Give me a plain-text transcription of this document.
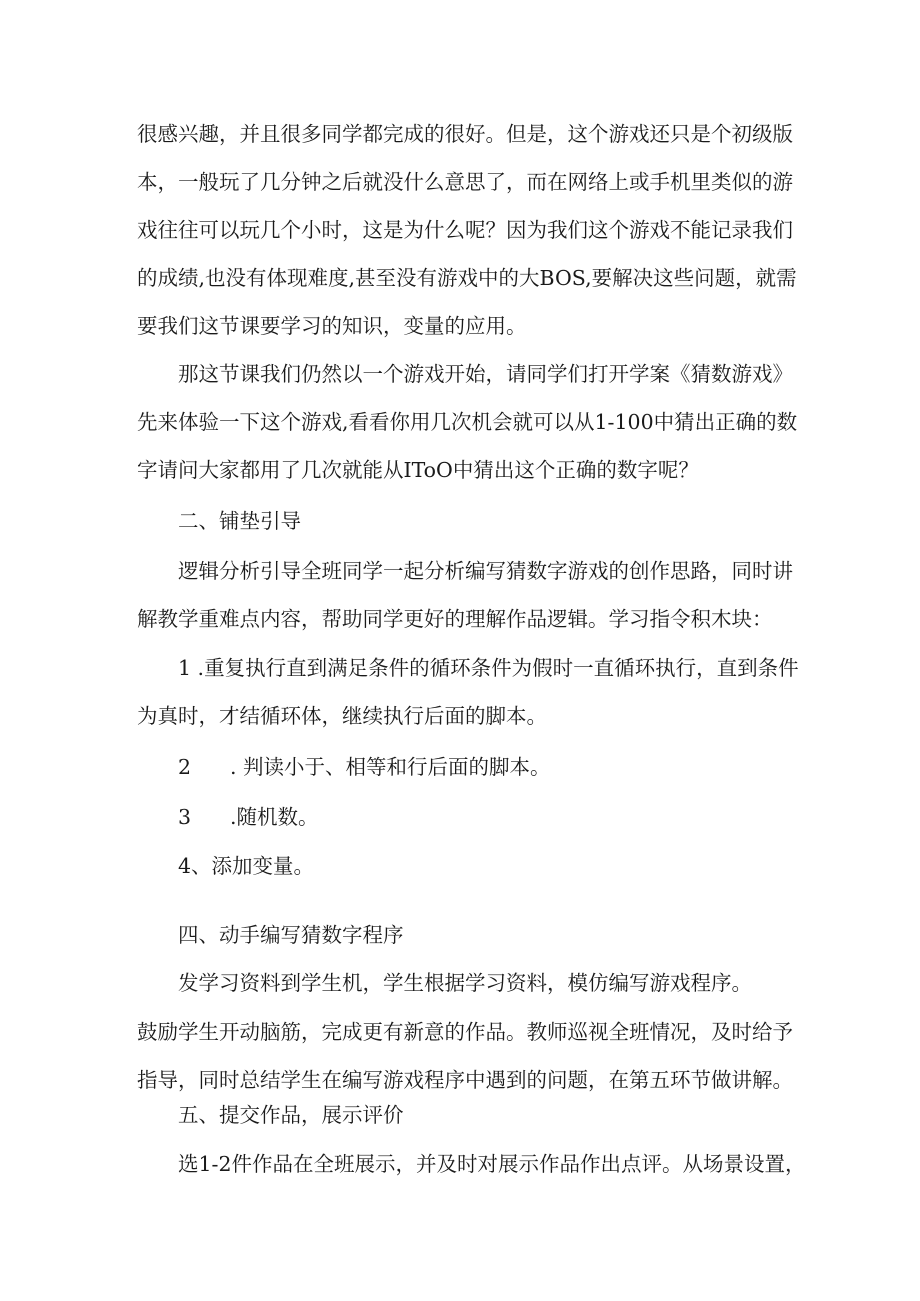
很感兴趣，并且很多同学都完成的很好。但是，这个游戏还只是个初级版

本，一般玩了几分钟之后就没什么意思了，而在网络上或手机里类似的游

戏往往可以玩几个小时，这是为什么呢？因为我们这个游戏不能记录我们

的成绩,也没有体现难度,甚至没有游戏中的大BOS,要解决这些问题，就需

要我们这节课要学习的知识，变量的应用。

那这节课我们仍然以一个游戏开始，请同学们打开学案《猜数游戏》

先来体验一下这个游戏,看看你用几次机会就可以从1-100中猜出正确的数

字请问大家都用了几次就能从IToO中猜出这个正确的数字呢？

二、铺垫引导

逻辑分析引导全班同学一起分析编写猜数字游戏的创作思路，同时讲

解教学重难点内容，帮助同学更好的理解作品逻辑。学习指令积木块：

1 .重复执行直到满足条件的循环条件为假时一直循环执行，直到条件

为真时，才结循环体，继续执行后面的脚本。

2 . 判读小于、相等和行后面的脚本。
3 .随机数。

4、添加变量。

四、动手编写猜数字程序

发学习资料到学生机，学生根据学习资料，模仿编写游戏程序。

鼓励学生开动脑筋，完成更有新意的作品。教师巡视全班情况，及时给予

指导，同时总结学生在编写游戏程序中遇到的问题，在第五环节做讲解。

五、提交作品，展示评价

选1-2件作品在全班展示，并及时对展示作品作出点评。从场景设置，
